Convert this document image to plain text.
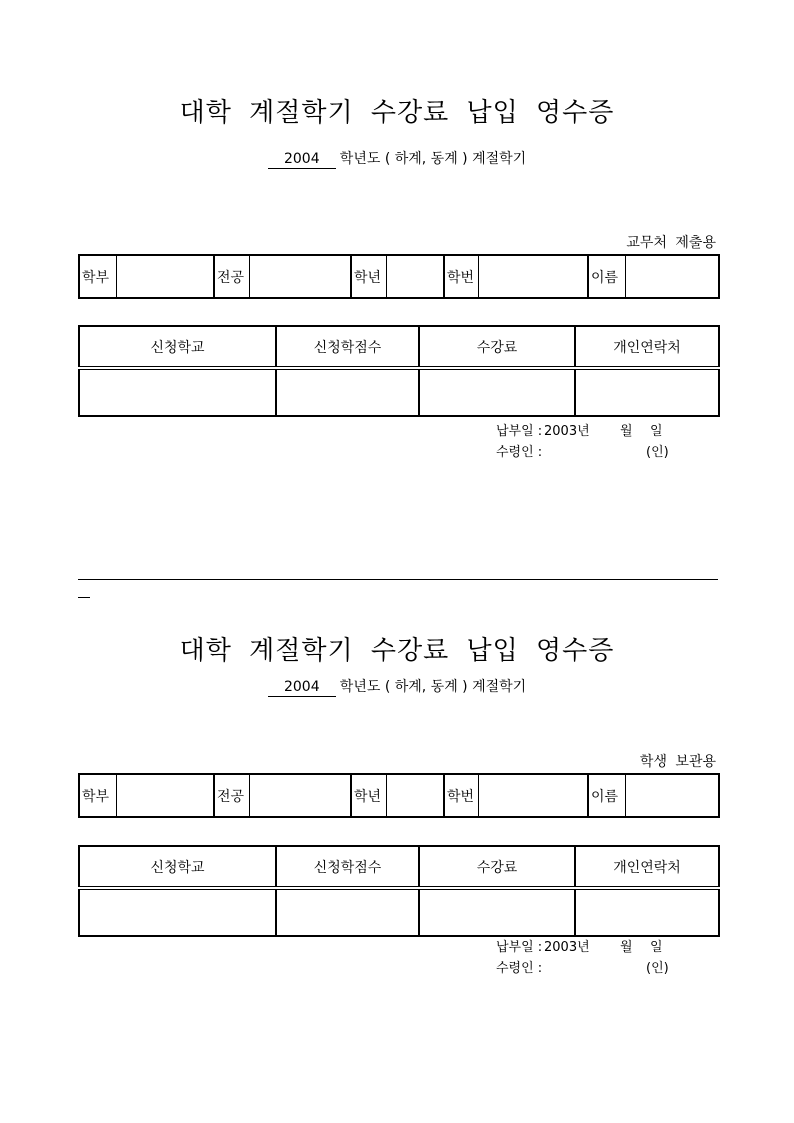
대학 계절학기 수강료 납입 영수증
2004 학년도 ( 하계, 동계 ) 계절학기
교무처 제출용
학부		전공		학년		학번		이름	
신청학교	신청학점수	수강료	개인연락처

납부일 : 2003년 월 일
수령인 :	(인)
대학 계절학기 수강료 납입 영수증
2004 학년도 ( 하계, 동계 ) 계절학기
학생 보관용
학부		전공		학년		학번		이름	
신청학교	신청학점수	수강료	개인연락처

납부일 : 2003년 월 일
수령인 :	(인)
